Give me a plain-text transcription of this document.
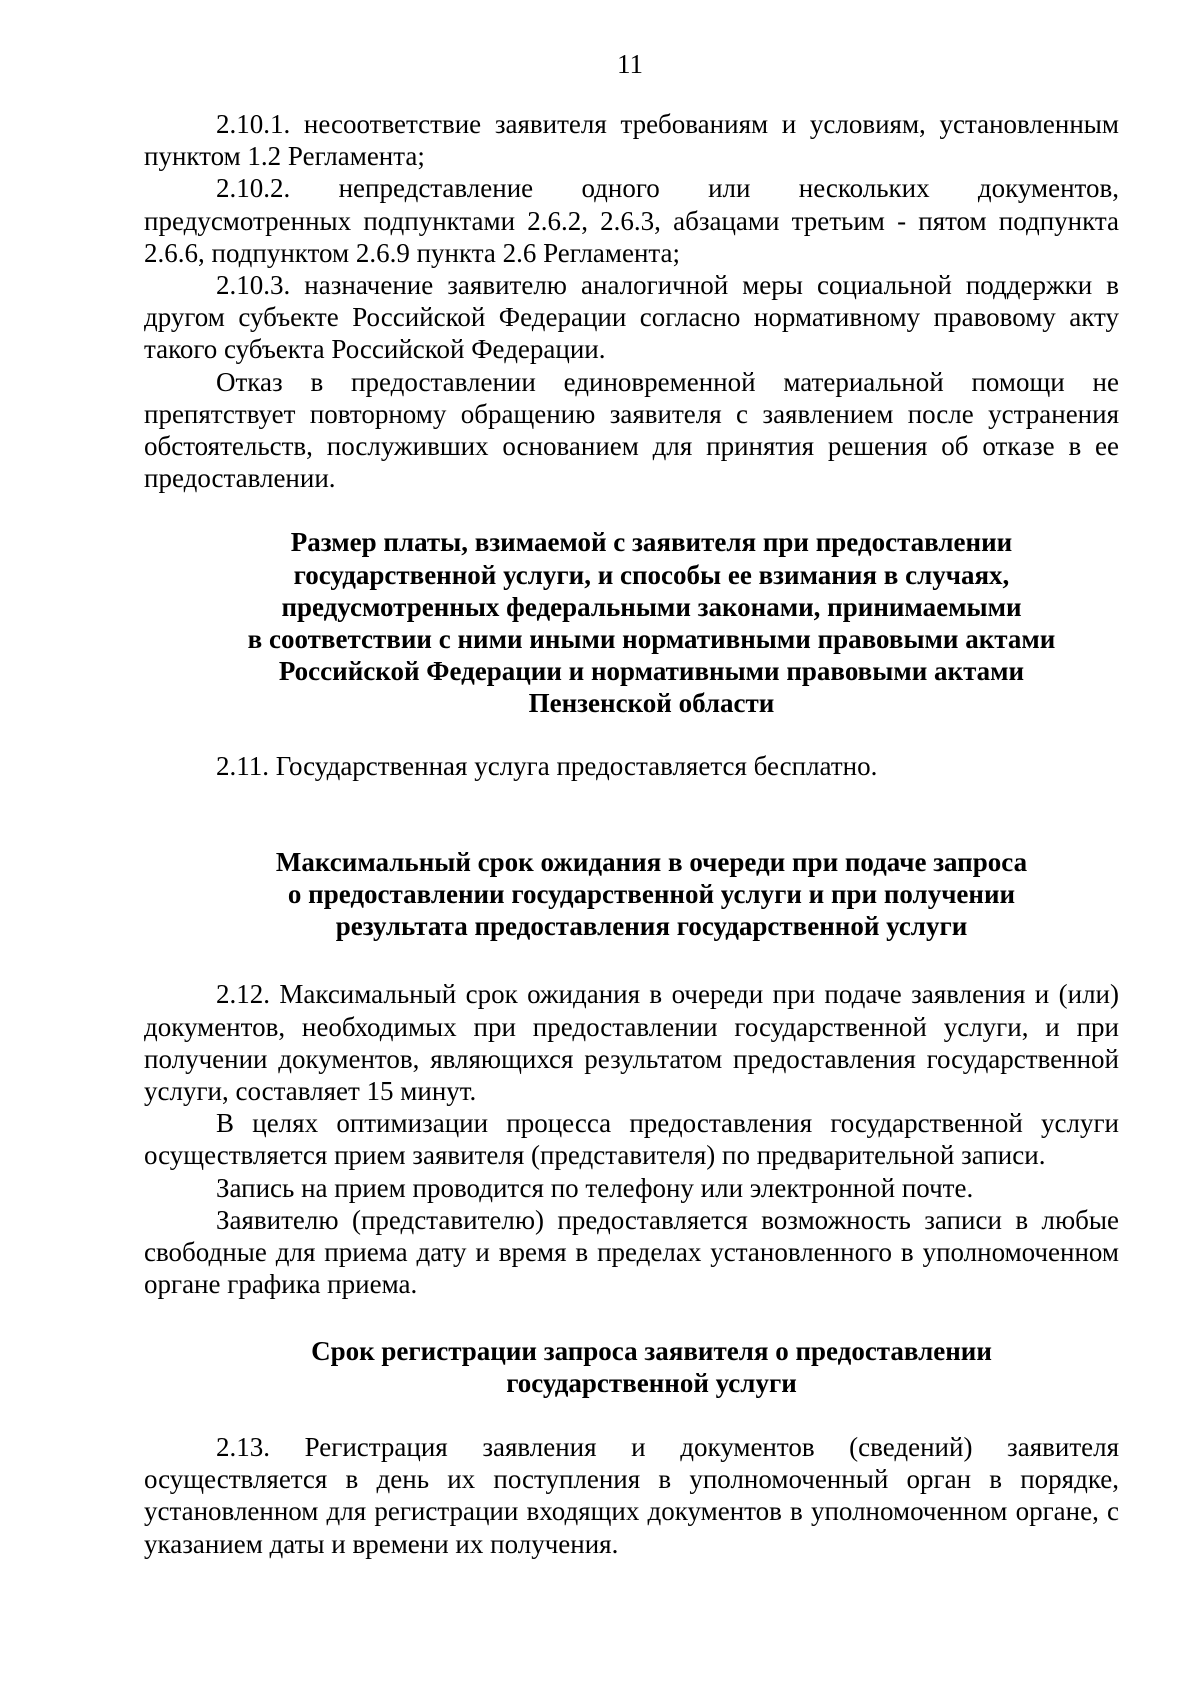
11

2.10.1. несоответствие заявителя требованиям и условиям, установленным пунктом 1.2 Регламента;

2.10.2. непредставление одного или нескольких документов, предусмотренных подпунктами 2.6.2, 2.6.3, абзацами третьим - пятом подпункта 2.6.6, подпунктом 2.6.9 пункта 2.6 Регламента;

2.10.3. назначение заявителю аналогичной меры социальной поддержки в другом субъекте Российской Федерации согласно нормативному правовому акту такого субъекта Российской Федерации.

Отказ в предоставлении единовременной материальной помощи не препятствует повторному обращению заявителя с заявлением после устранения обстоятельств, послуживших основанием для принятия решения об отказе в ее предоставлении.

Размер платы, взимаемой с заявителя при предоставлении
государственной услуги, и способы ее взимания в случаях,
предусмотренных федеральными законами, принимаемыми
в соответствии с ними иными нормативными правовыми актами
Российской Федерации и нормативными правовыми актами
Пензенской области

2.11. Государственная услуга предоставляется бесплатно.

Максимальный срок ожидания в очереди при подаче запроса
о предоставлении государственной услуги и при получении
результата предоставления государственной услуги

2.12. Максимальный срок ожидания в очереди при подаче заявления и (или) документов, необходимых при предоставлении государственной услуги, и при получении документов, являющихся результатом предоставления государственной услуги, составляет 15 минут.

В целях оптимизации процесса предоставления государственной услуги осуществляется прием заявителя (представителя) по предварительной записи.

Запись на прием проводится по телефону или электронной почте.

Заявителю (представителю) предоставляется возможность записи в любые свободные для приема дату и время в пределах установленного в уполномоченном органе графика приема.

Срок регистрации запроса заявителя о предоставлении
государственной услуги

2.13. Регистрация заявления и документов (сведений) заявителя осуществляется в день их поступления в уполномоченный орган в порядке, установленном для регистрации входящих документов в уполномоченном органе, с указанием даты и времени их получения.
